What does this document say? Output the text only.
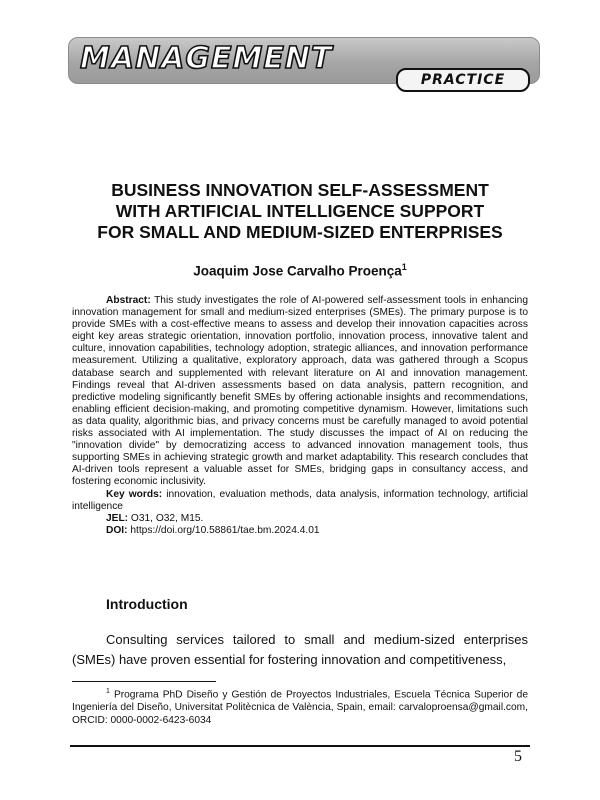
MANAGEMENT
PRACTICE
BUSINESS INNOVATION SELF-ASSESSMENT
WITH ARTIFICIAL INTELLIGENCE SUPPORT
FOR SMALL AND MEDIUM-SIZED ENTERPRISES
Joaquim Jose Carvalho Proença$^1$

Abstract: This study investigates the role of AI-powered self-assessment tools in enhancing innovation management for small and medium-sized enterprises (SMEs). The primary purpose is to provide SMEs with a cost-effective means to assess and develop their innovation capacities across eight key areas strategic orientation, innovation portfolio, innovation process, innovative talent and culture, innovation capabilities, technology adoption, strategic alliances, and innovation performance measurement. Utilizing a qualitative, exploratory approach, data was gathered through a Scopus database search and supplemented with relevant literature on AI and innovation management. Findings reveal that AI-driven assessments based on data analysis, pattern recognition, and predictive modeling significantly benefit SMEs by offering actionable insights and recommendations, enabling efficient decision-making, and promoting competitive dynamism. However, limitations such as data quality, algorithmic bias, and privacy concerns must be carefully managed to avoid potential risks associated with AI implementation. The study discusses the impact of AI on reducing the "innovation divide" by democratizing access to advanced innovation management tools, thus supporting SMEs in achieving strategic growth and market adaptability. This research concludes that AI-driven tools represent a valuable asset for SMEs, bridging gaps in consultancy access, and fostering economic inclusivity.

Key words: innovation, evaluation methods, data analysis, information technology, artificial intelligence

JEL: O31, O32, M15.
DOI: https://doi.org/10.58861/tae.bm.2024.4.01
Introduction

Consulting services tailored to small and medium-sized enterprises (SMEs) have proven essential for fostering innovation and competitiveness,

$^1$ Programa PhD Diseño y Gestión de Proyectos Industriales, Escuela Técnica Superior de Ingeniería del Diseño, Universitat Politècnica de València, Spain, email: carvaloproensa@gmail.com, ORCID: 0000-0002-6423-6034

5
